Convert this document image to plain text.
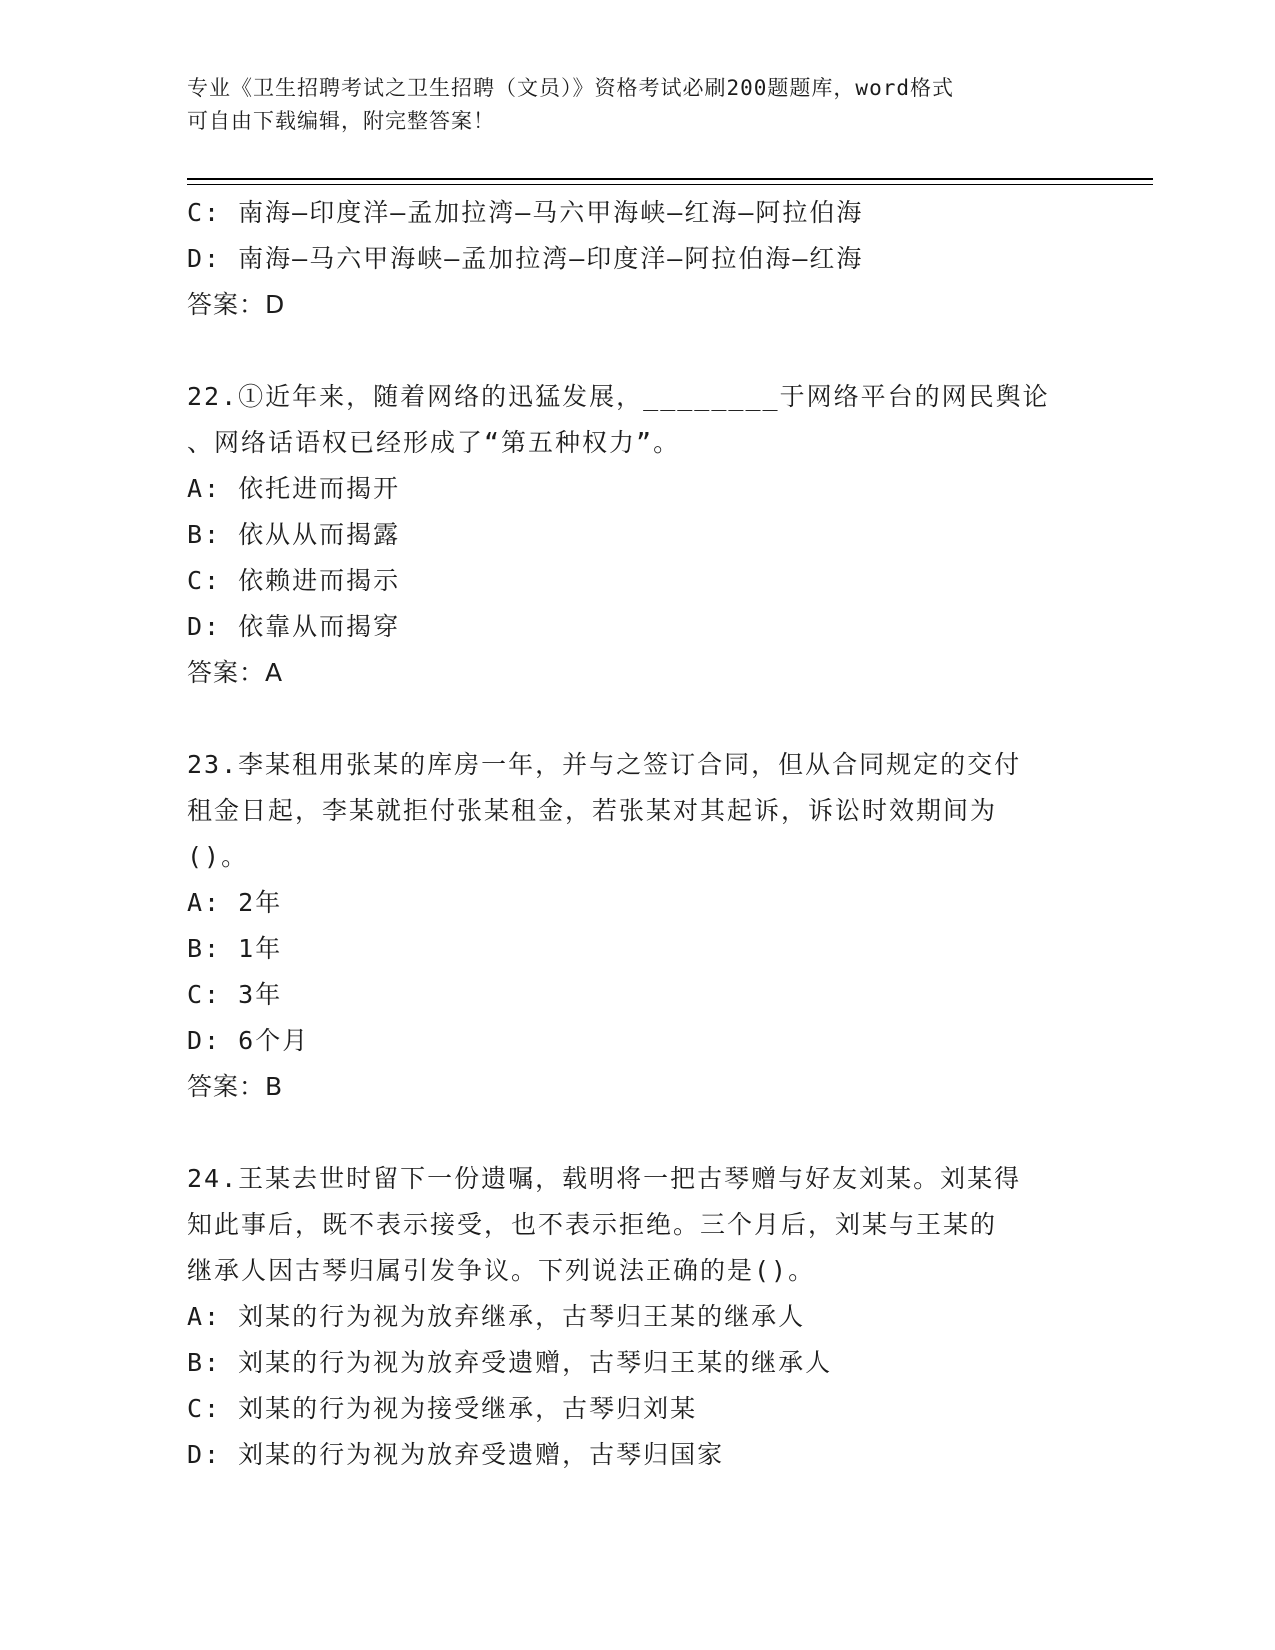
专业《卫生招聘考试之卫生招聘（文员）》资格考试必刷200题题库，word格式
可自由下载编辑，附完整答案！
C: 南海—印度洋—孟加拉湾—马六甲海峡—红海—阿拉伯海
D: 南海—马六甲海峡—孟加拉湾—印度洋—阿拉伯海—红海
答案：D
22.①近年来，随着网络的迅猛发展，________于网络平台的网民舆论
、网络话语权已经形成了“第五种权力”。
A: 依托进而揭开
B: 依从从而揭露
C: 依赖进而揭示
D: 依靠从而揭穿
答案：A
23.李某租用张某的库房一年，并与之签订合同，但从合同规定的交付
租金日起，李某就拒付张某租金，若张某对其起诉，诉讼时效期间为
()。
A: 2年
B: 1年
C: 3年
D: 6个月
答案：B
24.王某去世时留下一份遗嘱，载明将一把古琴赠与好友刘某。刘某得
知此事后，既不表示接受，也不表示拒绝。三个月后，刘某与王某的
继承人因古琴归属引发争议。下列说法正确的是()。
A: 刘某的行为视为放弃继承，古琴归王某的继承人
B: 刘某的行为视为放弃受遗赠，古琴归王某的继承人
C: 刘某的行为视为接受继承，古琴归刘某
D: 刘某的行为视为放弃受遗赠，古琴归国家
